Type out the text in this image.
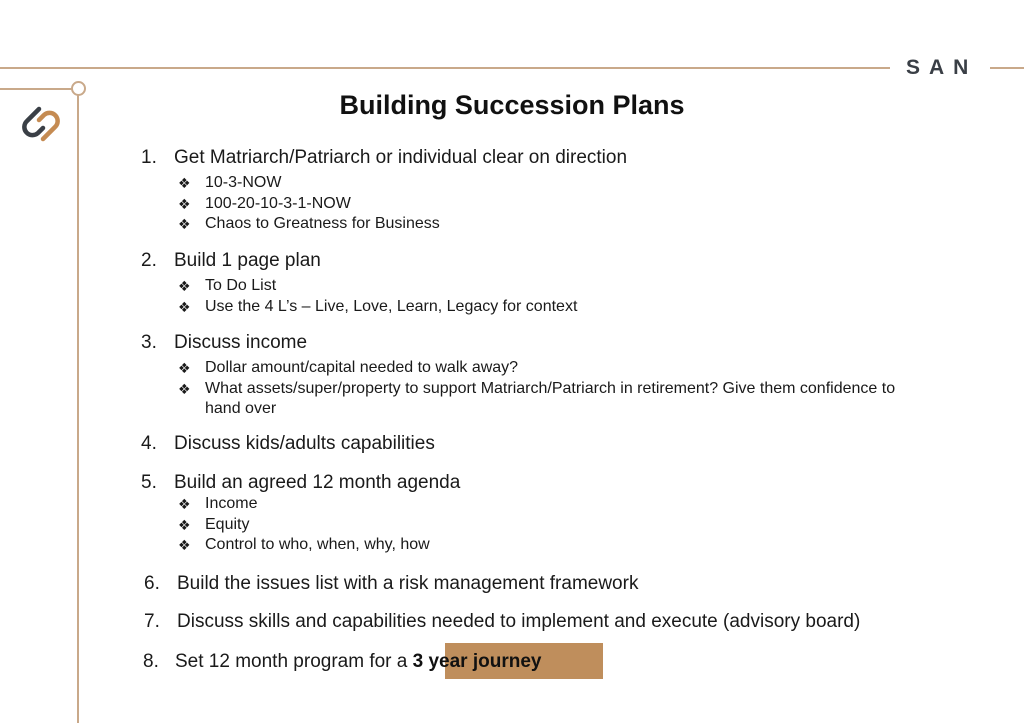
SAN
Building Succession Plans
1. Get Matriarch/Patriarch or individual clear on direction
❖ 10-3-NOW
❖ 100-20-10-3-1-NOW
❖ Chaos to Greatness for Business
2. Build 1 page plan
❖ To Do List
❖ Use the 4 L’s – Live, Love, Learn, Legacy for context
3. Discuss income
❖ Dollar amount/capital needed to walk away?
❖ What assets/super/property to support Matriarch/Patriarch in retirement? Give them confidence to hand over
4. Discuss kids/adults capabilities
5. Build an agreed 12 month agenda
❖ Income
❖ Equity
❖ Control to who, when, why, how
6. Build the issues list with a risk management framework
7. Discuss skills and capabilities needed to implement and execute (advisory board)
8. Set 12 month program for a 3 year journey
